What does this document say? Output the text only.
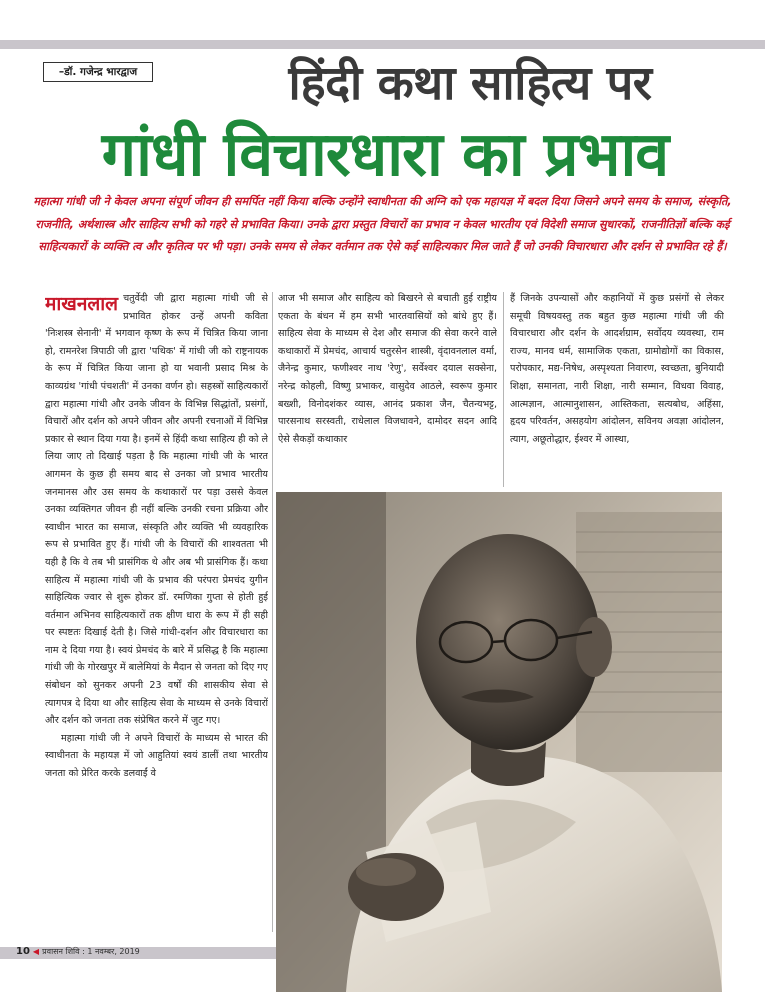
–डॉ. गजेन्द्र भारद्वाज	हिंदी कथा साहित्य पर
गांधी विचारधारा का प्रभाव
महात्मा गांधी जी ने केवल अपना संपूर्ण जीवन ही समर्पित नहीं किया बल्कि उन्होंने स्वाधीनता की अग्नि को एक महायज्ञ में बदल दिया जिसने अपने समय के समाज, संस्कृति, राजनीति, अर्थशास्त्र और साहित्य सभी को गहरे से प्रभावित किया। उनके द्वारा प्रस्तुत विचारों का प्रभाव न केवल भारतीय एवं विदेशी समाज सुधारकों, राजनीतिज्ञों बल्कि कई साहित्यकारों के व्यक्ति त्व और कृतित्व पर भी पड़ा। उनके समय से लेकर वर्तमान तक ऐसे कई साहित्यकार मिल जाते हैं जो उनकी विचारधारा और दर्शन से प्रभावित रहे हैं।
माखनलाल चतुर्वेदी जी द्वारा महात्मा गांधी जी से प्रभावित होकर उन्हें अपनी कविता 'निःशस्त्र सेनानी' में भगवान कृष्ण के रूप में चित्रित किया जाना हो, रामनरेश त्रिपाठी जी द्वारा 'पथिक' में गांधी जी को राष्ट्रनायक के रूप में चित्रित किया जाना हो या भवानी प्रसाद मिश्र के काव्यग्रंथ 'गांधी पंचशती' में उनका वर्णन हो। सहस्त्रों साहित्यकारों द्वारा महात्मा गांधी और उनके जीवन के विभिन्न सिद्धांतों, प्रसंगों, विचारों और दर्शन को अपने जीवन और अपनी रचनाओं में विभिन्न प्रकार से स्थान दिया गया है। इनमें से हिंदी कथा साहित्य ही को ले लिया जाए तो दिखाई पड़ता है कि महात्मा गांधी जी के भारत आगमन के कुछ ही समय बाद से उनका जो प्रभाव भारतीय जनमानस और उस समय के कथाकारों पर पड़ा उससे केवल उनका व्यक्तिगत जीवन ही नहीं बल्कि उनकी रचना प्रक्रिया और स्वाधीन भारत का समाज, संस्कृति और व्यक्ति भी व्यवहारिक रूप से प्रभावित हुए हैं। गांधी जी के विचारों की शाश्वतता भी यही है कि वे तब भी प्रासंगिक थे और अब भी प्रासंगिक हैं। कथा साहित्य में महात्मा गांधी जी के प्रभाव की परंपरा प्रेमचंद युगीन साहित्यिक ज्वार से शुरू होकर डॉ. रमणिका गुप्ता से होती हुई वर्तमान अभिनव साहित्यकारों तक क्षीण धारा के रूप में ही सही पर स्पष्टतः दिखाई देती है। जिसे गांधी-दर्शन और विचारधारा का नाम दे दिया गया है। स्वयं प्रेमचंद के बारे में प्रसिद्ध है कि महात्मा गांधी जी के गोरखपुर में बालेमियां के मैदान से जनता को दिए गए संबोधन को सुनकर अपनी 23 वर्षों की शासकीय सेवा से त्यागपत्र दे दिया था और साहित्य सेवा के माध्यम से उनके विचारों और दर्शन को जनता तक संप्रेषित करने में जुट गए।

महात्मा गांधी जी ने अपने विचारों के माध्यम से भारत की स्वाधीनता के महायज्ञ में जो आहुतियां स्वयं डालीं तथा भारतीय जनता को प्रेरित करके डलवाईं वे

आज भी समाज और साहित्य को बिखरने से बचाती हुई राष्ट्रीय एकता के बंधन में हम सभी भारतवासियों को बांधे हुए हैं। साहित्य सेवा के माध्यम से देश और समाज की सेवा करने वाले कथाकारों में प्रेमचंद, आचार्य चतुरसेन शास्त्री, वृंदावनलाल वर्मा, जैनेन्द्र कुमार, फणीश्वर नाथ 'रेणु', सर्वेश्वर दयाल सक्सेना, नरेन्द्र कोहली, विष्णु प्रभाकर, वासुदेव आठले, स्वरूप कुमार बख्शी, विनोदशंकर व्यास, आनंद प्रकाश जैन, चैतन्यभट्ट, पारसनाथ सरस्वती, राधेलाल विजधावने, दामोदर सदन आदि ऐसे सैकड़ों कथाकार

हैं जिनके उपन्यासों और कहानियों में कुछ प्रसंगों से लेकर समूची विषयवस्तु तक बहुत कुछ महात्मा गांधी जी की विचारधारा और दर्शन के आदर्शग्राम, सर्वोदय व्यवस्था, राम राज्य, मानव धर्म, सामाजिक एकता, ग्रामोद्योगों का विकास, परोपकार, मद्य-निषेध, अस्पृश्यता निवारण, स्वच्छता, बुनियादी शिक्षा, समानता, नारी शिक्षा, नारी सम्मान, विधवा विवाह, आत्मज्ञान, आत्मानुशासन, आस्तिकता, सत्यबोध, अहिंसा, हृदय परिवर्तन, असहयोग आंदोलन, सविनय अवज्ञा आंदोलन, त्याग, अछूतोद्धार, ईश्वर में आस्था,

10 ◀ प्रवासन शिवि : 1 नवम्बर, 2019
